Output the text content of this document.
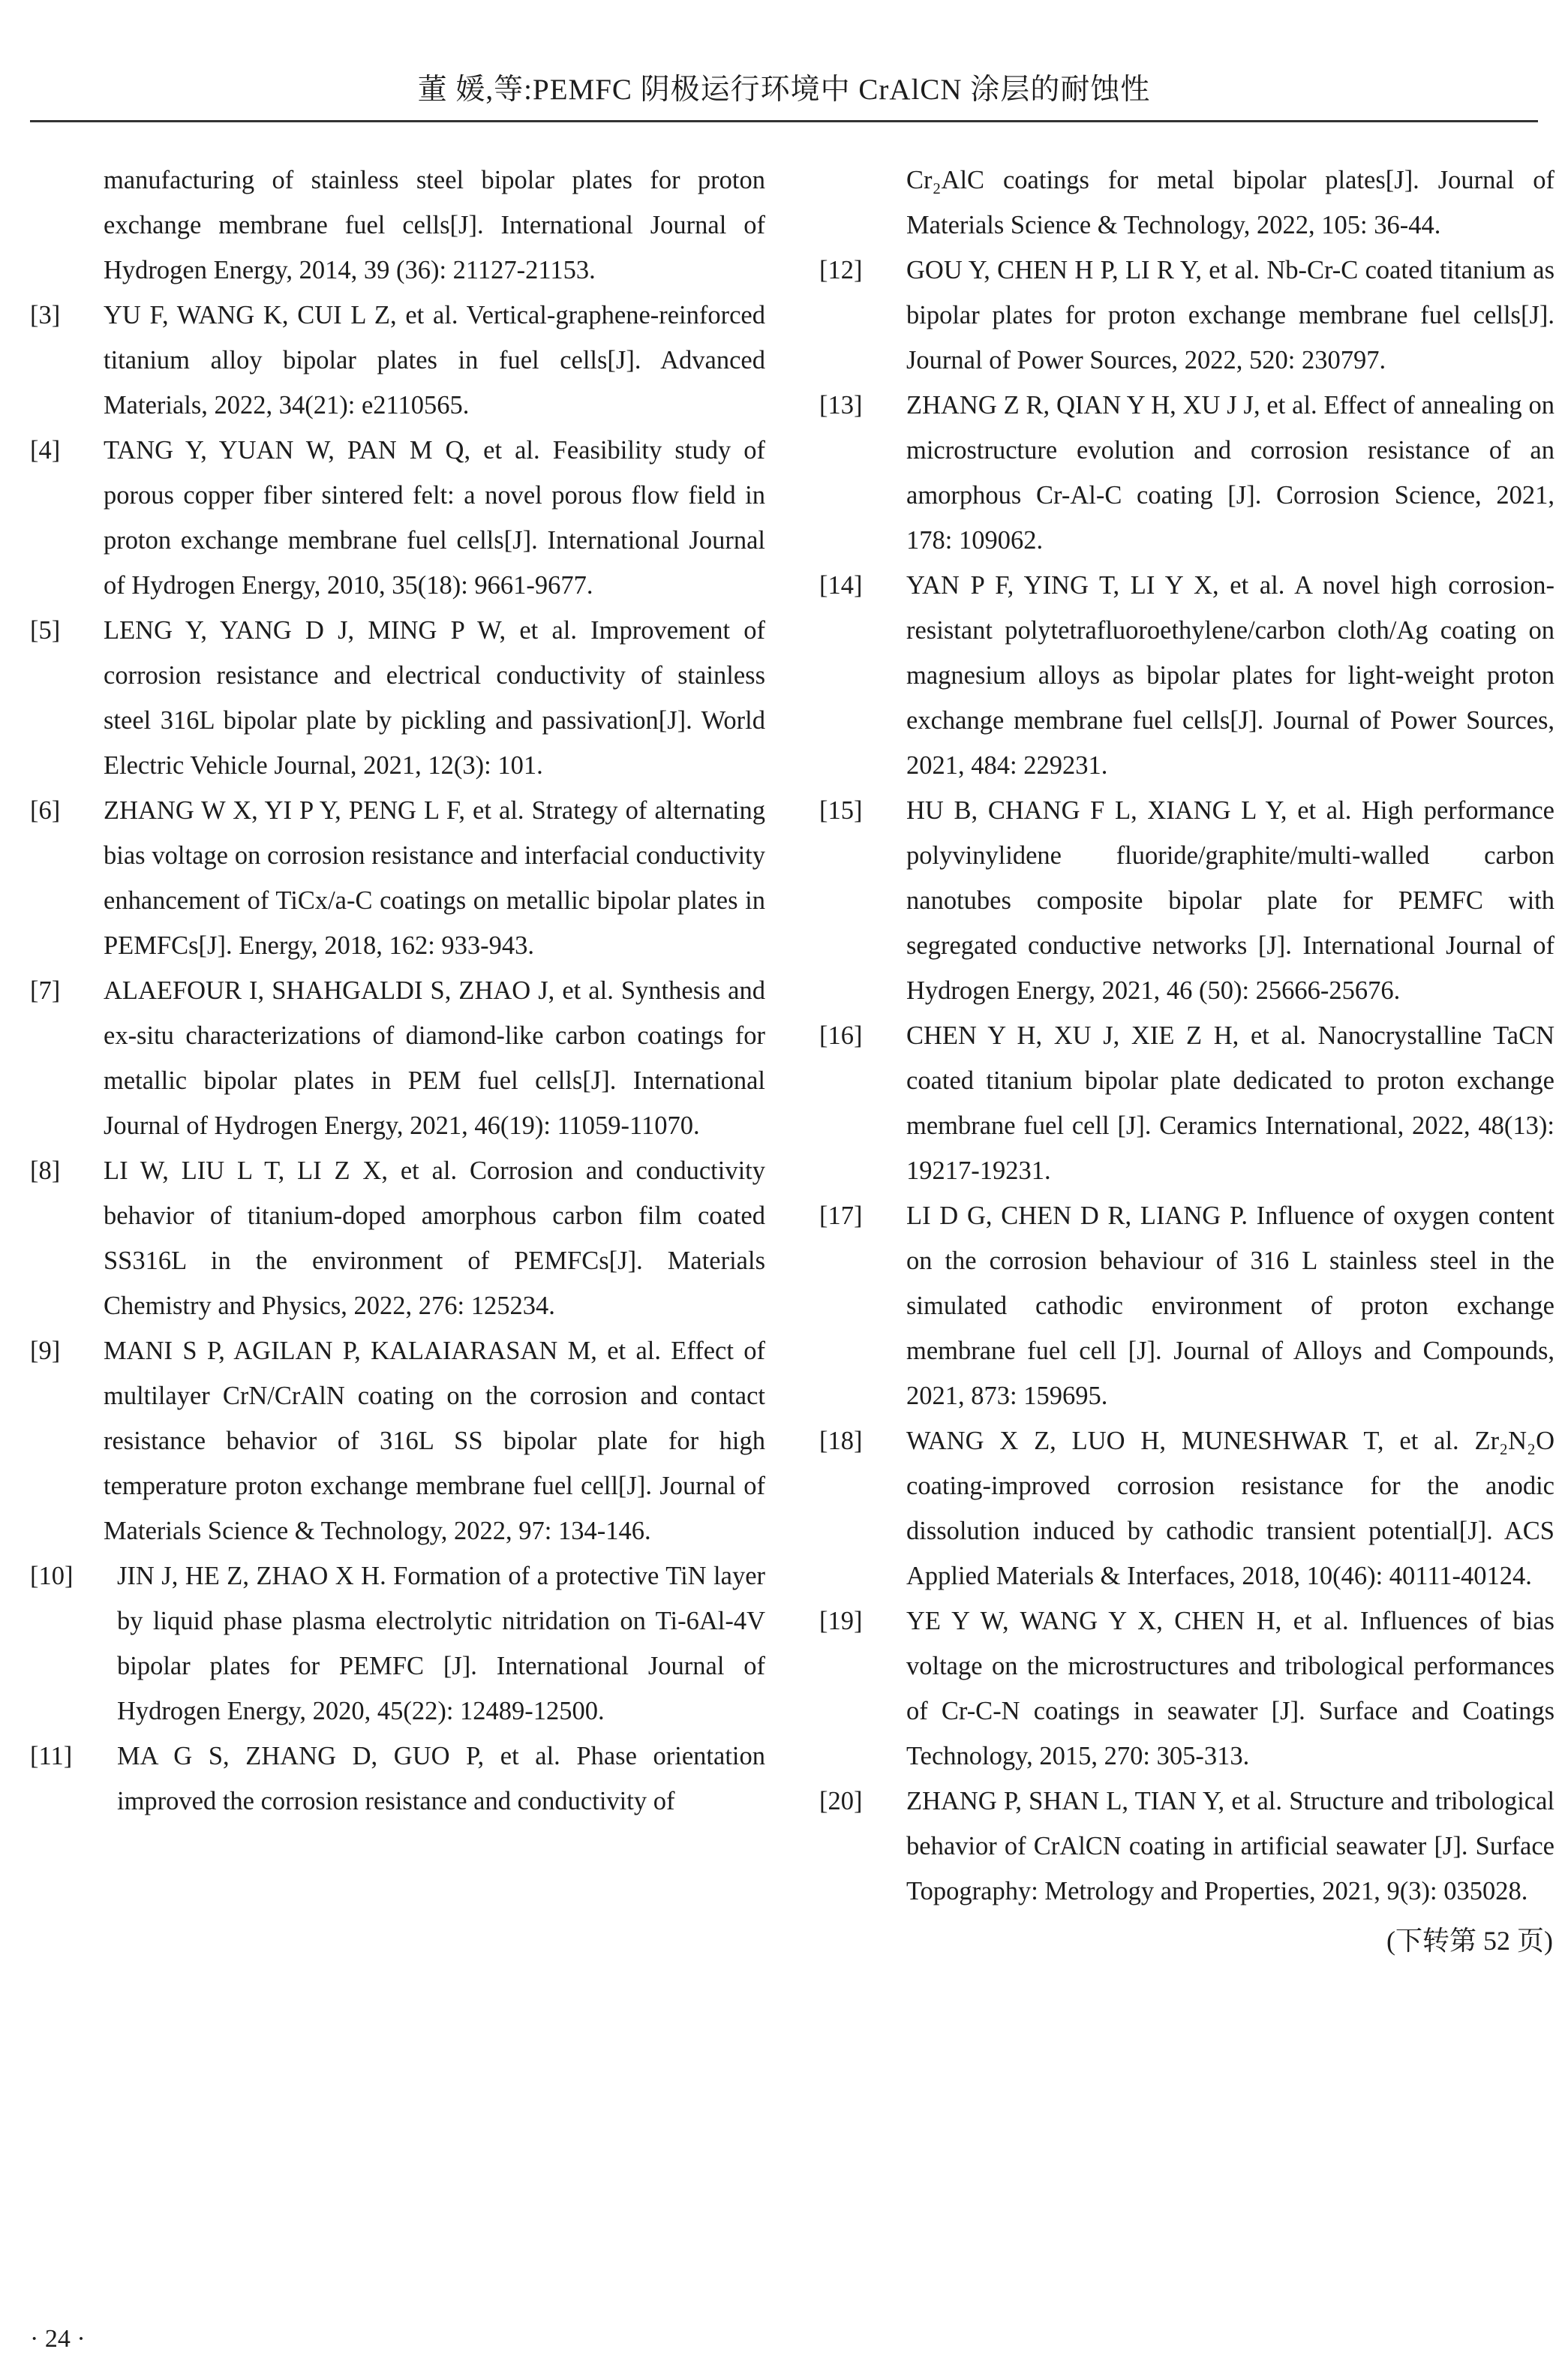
董 媛,等:PEMFC 阴极运行环境中 CrAlCN 涂层的耐蚀性
manufacturing of stainless steel bipolar plates for proton exchange membrane fuel cells[J]. International Journal of Hydrogen Energy, 2014, 39 (36): 21127-21153.
[3] YU F, WANG K, CUI L Z, et al. Vertical-graphene-reinforced titanium alloy bipolar plates in fuel cells[J]. Advanced Materials, 2022, 34(21): e2110565.
[4] TANG Y, YUAN W, PAN M Q, et al. Feasibility study of porous copper fiber sintered felt: a novel porous flow field in proton exchange membrane fuel cells[J]. International Journal of Hydrogen Energy, 2010, 35(18): 9661-9677.
[5] LENG Y, YANG D J, MING P W, et al. Improvement of corrosion resistance and electrical conductivity of stainless steel 316L bipolar plate by pickling and passivation[J]. World Electric Vehicle Journal, 2021, 12(3): 101.
[6] ZHANG W X, YI P Y, PENG L F, et al. Strategy of alternating bias voltage on corrosion resistance and interfacial conductivity enhancement of TiCx/a-C coatings on metallic bipolar plates in PEMFCs[J]. Energy, 2018, 162: 933-943.
[7] ALAEFOUR I, SHAHGALDI S, ZHAO J, et al. Synthesis and ex-situ characterizations of diamond-like carbon coatings for metallic bipolar plates in PEM fuel cells[J]. International Journal of Hydrogen Energy, 2021, 46(19): 11059-11070.
[8] LI W, LIU L T, LI Z X, et al. Corrosion and conductivity behavior of titanium-doped amorphous carbon film coated SS316L in the environment of PEMFCs[J]. Materials Chemistry and Physics, 2022, 276: 125234.
[9] MANI S P, AGILAN P, KALAIARASAN M, et al. Effect of multilayer CrN/CrAlN coating on the corrosion and contact resistance behavior of 316L SS bipolar plate for high temperature proton exchange membrane fuel cell[J]. Journal of Materials Science & Technology, 2022, 97: 134-146.
[10] JIN J, HE Z, ZHAO X H. Formation of a protective TiN layer by liquid phase plasma electrolytic nitridation on Ti-6Al-4V bipolar plates for PEMFC [J]. International Journal of Hydrogen Energy, 2020, 45(22): 12489-12500.
[11] MA G S, ZHANG D, GUO P, et al. Phase orientation improved the corrosion resistance and conductivity of
Cr₂AlC coatings for metal bipolar plates[J]. Journal of Materials Science & Technology, 2022, 105: 36-44.
[12] GOU Y, CHEN H P, LI R Y, et al. Nb-Cr-C coated titanium as bipolar plates for proton exchange membrane fuel cells[J]. Journal of Power Sources, 2022, 520: 230797.
[13] ZHANG Z R, QIAN Y H, XU J J, et al. Effect of annealing on microstructure evolution and corrosion resistance of an amorphous Cr-Al-C coating [J]. Corrosion Science, 2021, 178: 109062.
[14] YAN P F, YING T, LI Y X, et al. A novel high corrosion-resistant polytetrafluoroethylene/carbon cloth/Ag coating on magnesium alloys as bipolar plates for light-weight proton exchange membrane fuel cells[J]. Journal of Power Sources, 2021, 484: 229231.
[15] HU B, CHANG F L, XIANG L Y, et al. High performance polyvinylidene fluoride/graphite/multi-walled carbon nanotubes composite bipolar plate for PEMFC with segregated conductive networks [J]. International Journal of Hydrogen Energy, 2021, 46 (50): 25666-25676.
[16] CHEN Y H, XU J, XIE Z H, et al. Nanocrystalline TaCN coated titanium bipolar plate dedicated to proton exchange membrane fuel cell [J]. Ceramics International, 2022, 48(13): 19217-19231.
[17] LI D G, CHEN D R, LIANG P. Influence of oxygen content on the corrosion behaviour of 316 L stainless steel in the simulated cathodic environment of proton exchange membrane fuel cell [J]. Journal of Alloys and Compounds, 2021, 873: 159695.
[18] WANG X Z, LUO H, MUNESHWAR T, et al. Zr₂N₂O coating-improved corrosion resistance for the anodic dissolution induced by cathodic transient potential[J]. ACS Applied Materials & Interfaces, 2018, 10(46): 40111-40124.
[19] YE Y W, WANG Y X, CHEN H, et al. Influences of bias voltage on the microstructures and tribological performances of Cr-C-N coatings in seawater [J]. Surface and Coatings Technology, 2015, 270: 305-313.
[20] ZHANG P, SHAN L, TIAN Y, et al. Structure and tribological behavior of CrAlCN coating in artificial seawater [J]. Surface Topography: Metrology and Properties, 2021, 9(3): 035028.
(下转第 52 页)
· 24 ·
